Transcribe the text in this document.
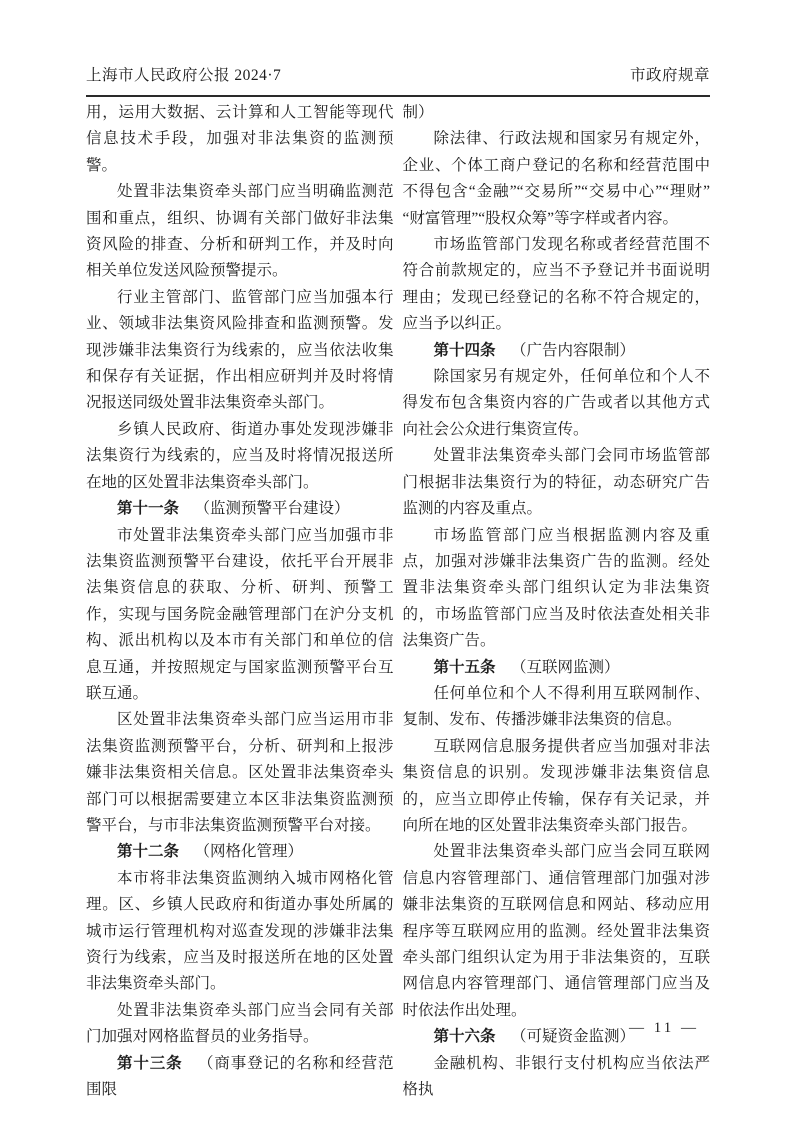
上海市人民政府公报 2024·7	市政府规章

用，运用大数据、云计算和人工智能等现代信息技术手段，加强对非法集资的监测预警。

处置非法集资牵头部门应当明确监测范围和重点，组织、协调有关部门做好非法集资风险的排查、分析和研判工作，并及时向相关单位发送风险预警提示。

行业主管部门、监管部门应当加强本行业、领域非法集资风险排查和监测预警。发现涉嫌非法集资行为线索的，应当依法收集和保存有关证据，作出相应研判并及时将情况报送同级处置非法集资牵头部门。

乡镇人民政府、街道办事处发现涉嫌非法集资行为线索的，应当及时将情况报送所在地的区处置非法集资牵头部门。

第十一条 （监测预警平台建设）

市处置非法集资牵头部门应当加强市非法集资监测预警平台建设，依托平台开展非法集资信息的获取、分析、研判、预警工作，实现与国务院金融管理部门在沪分支机构、派出机构以及本市有关部门和单位的信息互通，并按照规定与国家监测预警平台互联互通。

区处置非法集资牵头部门应当运用市非法集资监测预警平台，分析、研判和上报涉嫌非法集资相关信息。区处置非法集资牵头部门可以根据需要建立本区非法集资监测预警平台，与市非法集资监测预警平台对接。

第十二条 （网格化管理）

本市将非法集资监测纳入城市网格化管理。区、乡镇人民政府和街道办事处所属的城市运行管理机构对巡查发现的涉嫌非法集资行为线索，应当及时报送所在地的区处置非法集资牵头部门。

处置非法集资牵头部门应当会同有关部门加强对网格监督员的业务指导。

第十三条 （商事登记的名称和经营范围限

制）

除法律、行政法规和国家另有规定外，企业、个体工商户登记的名称和经营范围中不得包含“金融”“交易所”“交易中心”“理财”“财富管理”“股权众筹”等字样或者内容。

市场监管部门发现名称或者经营范围不符合前款规定的，应当不予登记并书面说明理由；发现已经登记的名称不符合规定的，应当予以纠正。

第十四条 （广告内容限制）

除国家另有规定外，任何单位和个人不得发布包含集资内容的广告或者以其他方式向社会公众进行集资宣传。

处置非法集资牵头部门会同市场监管部门根据非法集资行为的特征，动态研究广告监测的内容及重点。

市场监管部门应当根据监测内容及重点，加强对涉嫌非法集资广告的监测。经处置非法集资牵头部门组织认定为非法集资的，市场监管部门应当及时依法查处相关非法集资广告。

第十五条 （互联网监测）

任何单位和个人不得利用互联网制作、复制、发布、传播涉嫌非法集资的信息。

互联网信息服务提供者应当加强对非法集资信息的识别。发现涉嫌非法集资信息的，应当立即停止传输，保存有关记录，并向所在地的区处置非法集资牵头部门报告。

处置非法集资牵头部门应当会同互联网信息内容管理部门、通信管理部门加强对涉嫌非法集资的互联网信息和网站、移动应用程序等互联网应用的监测。经处置非法集资牵头部门组织认定为用于非法集资的，互联网信息内容管理部门、通信管理部门应当及时依法作出处理。

第十六条 （可疑资金监测）

金融机构、非银行支付机构应当依法严格执

— 11 —
